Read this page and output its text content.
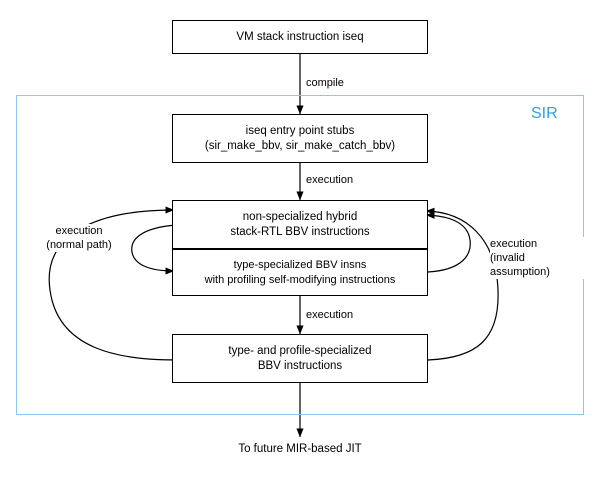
SIR
VM stack instruction iseq
iseq entry point stubs
(sir_make_bbv, sir_make_catch_bbv)
non-specialized hybrid
stack-RTL BBV instructions
type-specialized BBV insns
with profiling self-modifying instructions
type- and profile-specialized
BBV instructions
compile
execution
execution
execution
(normal path)	execution
(invalid
assumption)
To future MIR-based JIT
